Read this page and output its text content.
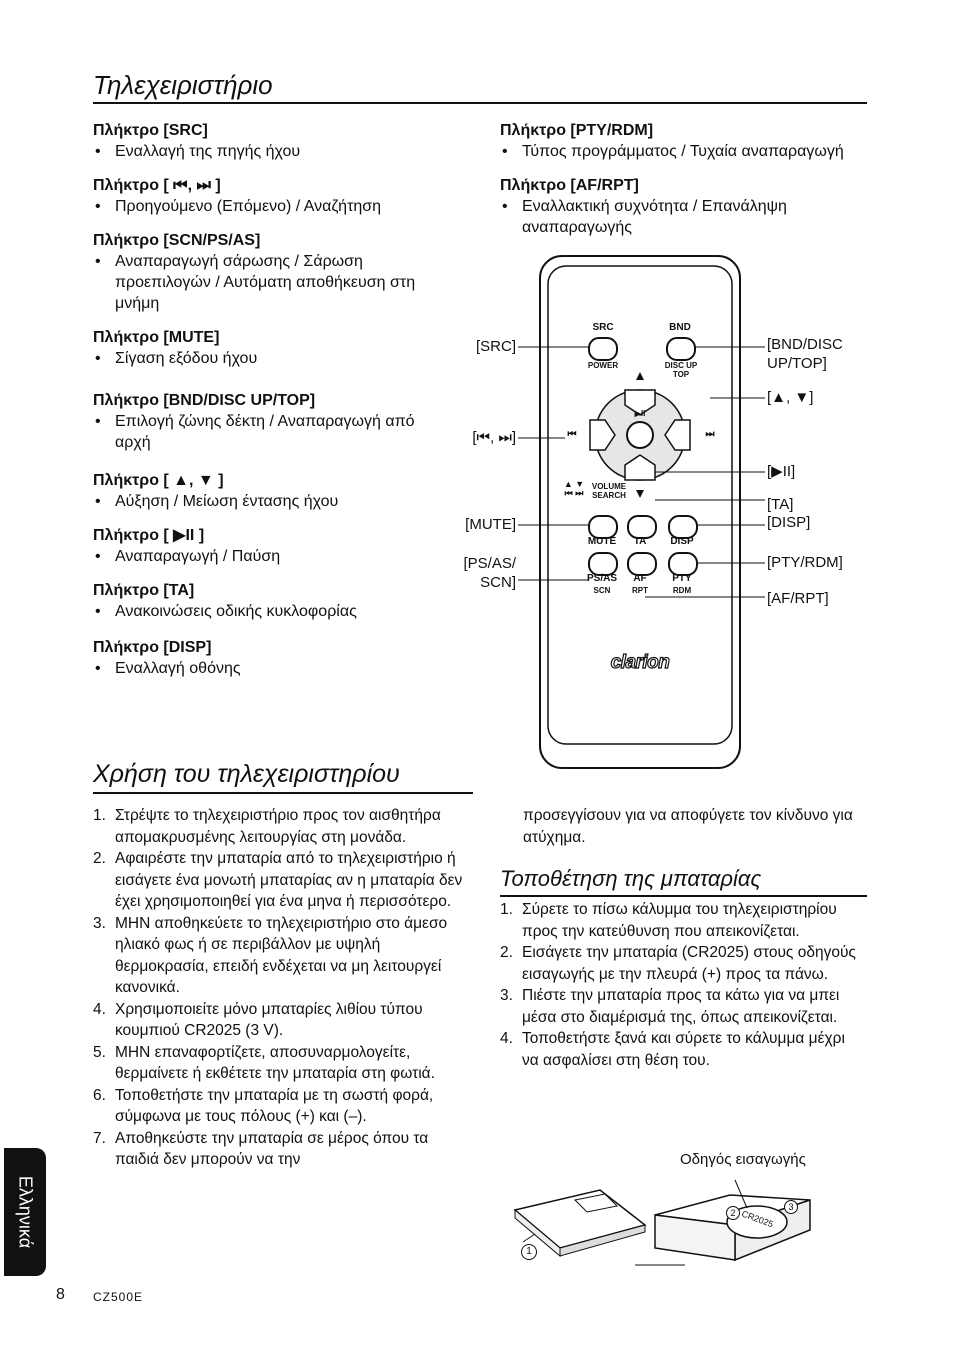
Τηλεχειριστήριο

Πλήκτρο [SRC]

• Εναλλαγή της πηγής ήχου

Πλήκτρο [ ⏮, ⏭ ]

• Προηγούμενο (Επόμενο) / Αναζήτηση

Πλήκτρο [SCN/PS/AS]

• Αναπαραγωγή σάρωσης / Σάρωση προεπιλογών / Αυτόματη αποθήκευση στη μνήμη

Πλήκτρο [MUTE]

• Σίγαση εξόδου ήχου

Πλήκτρο [BND/DISC UP/TOP]

• Επιλογή ζώνης δέκτη / Αναπαραγωγή από αρχή

Πλήκτρο [ ▲, ▼ ]

• Αύξηση / Μείωση έντασης ήχου

Πλήκτρο [ ▶II ]

• Αναπαραγωγή / Παύση

Πλήκτρο [TA]

• Ανακοινώσεις οδικής κυκλοφορίας

Πλήκτρο [DISP]

• Εναλλαγή οθόνης

Πλήκτρο [PTY/RDM]

• Τύπος προγράμματος / Τυχαία αναπαραγωγή

Πλήκτρο [AF/RPT]

• Εναλλακτική συχνότητα / Επανάληψη αναπαραγωγής

SRC
POWER
BND
DISC UP
TOP
▶II
⏮	⏭
▲ ▼
⏮ ⏭
VOLUME
SEARCH
MUTE	TA	DISP
PS/AS
SCN
AF
RPT
PTY
RDM
clarion
[SRC]
[⏮, ⏭]
[MUTE]
[PS/AS/
SCN]
[BND/DISC
UP/TOP]
[▲, ▼]
[▶II]
[TA]
[DISP]
[PTY/RDM]
[AF/RPT]
Χρήση του τηλεχειριστηρίου
1. Στρέψτε το τηλεχειριστήριο προς τον αισθητήρα απομακρυσμένης λειτουργίας στη μονάδα.
2. Αφαιρέστε την μπαταρία από το τηλεχειριστήριο ή εισάγετε ένα μονωτή μπαταρίας αν η μπαταρία δεν έχει χρησιμοποιηθεί για ένα μηνα ή περισσότερο.
3. ΜΗΝ αποθηκεύετε το τηλεχειριστήριο στο άμεσο ηλιακό φως ή σε περιβάλλον με υψηλή θερμοκρασία, επειδή ενδέχεται να μη λειτουργεί κανονικά.
4. Χρησιμοποιείτε μόνο μπαταρίες λιθίου τύπου κουμπιού CR2025 (3 V).
5. ΜΗΝ επαναφορτίζετε, αποσυναρμολογείτε, θερμαίνετε ή εκθέτετε την μπαταρία στη φωτιά.
6. Τοποθετήστε την μπαταρία με τη σωστή φορά, σύμφωνα με τους πόλους (+) και (–).
7. Αποθηκεύστε την μπαταρία σε μέρος όπου τα παιδιά δεν μπορούν να την
προσεγγίσουν για να αποφύγετε τον κίνδυνο για ατύχημα.
Τοποθέτηση της μπαταρίας
1. Σύρετε το πίσω κάλυμμα του τηλεχειριστηρίου προς την κατεύθυνση που απεικονίζεται.
2. Εισάγετε την μπαταρία (CR2025) στους οδηγούς εισαγωγής με την πλευρά (+) προς τα πάνω.
3. Πιέστε την μπαταρία προς τα κάτω για να μπει μέσα στο διαμέρισμά της, όπως απεικονίζεται.
4. Τοποθετήστε ξανά και σύρετε το κάλυμμα μέχρι να ασφαλίσει στη θέση του.
Οδηγός εισαγωγής
CR2025
1
2
3
Ελληνικά
8 CZ500E
